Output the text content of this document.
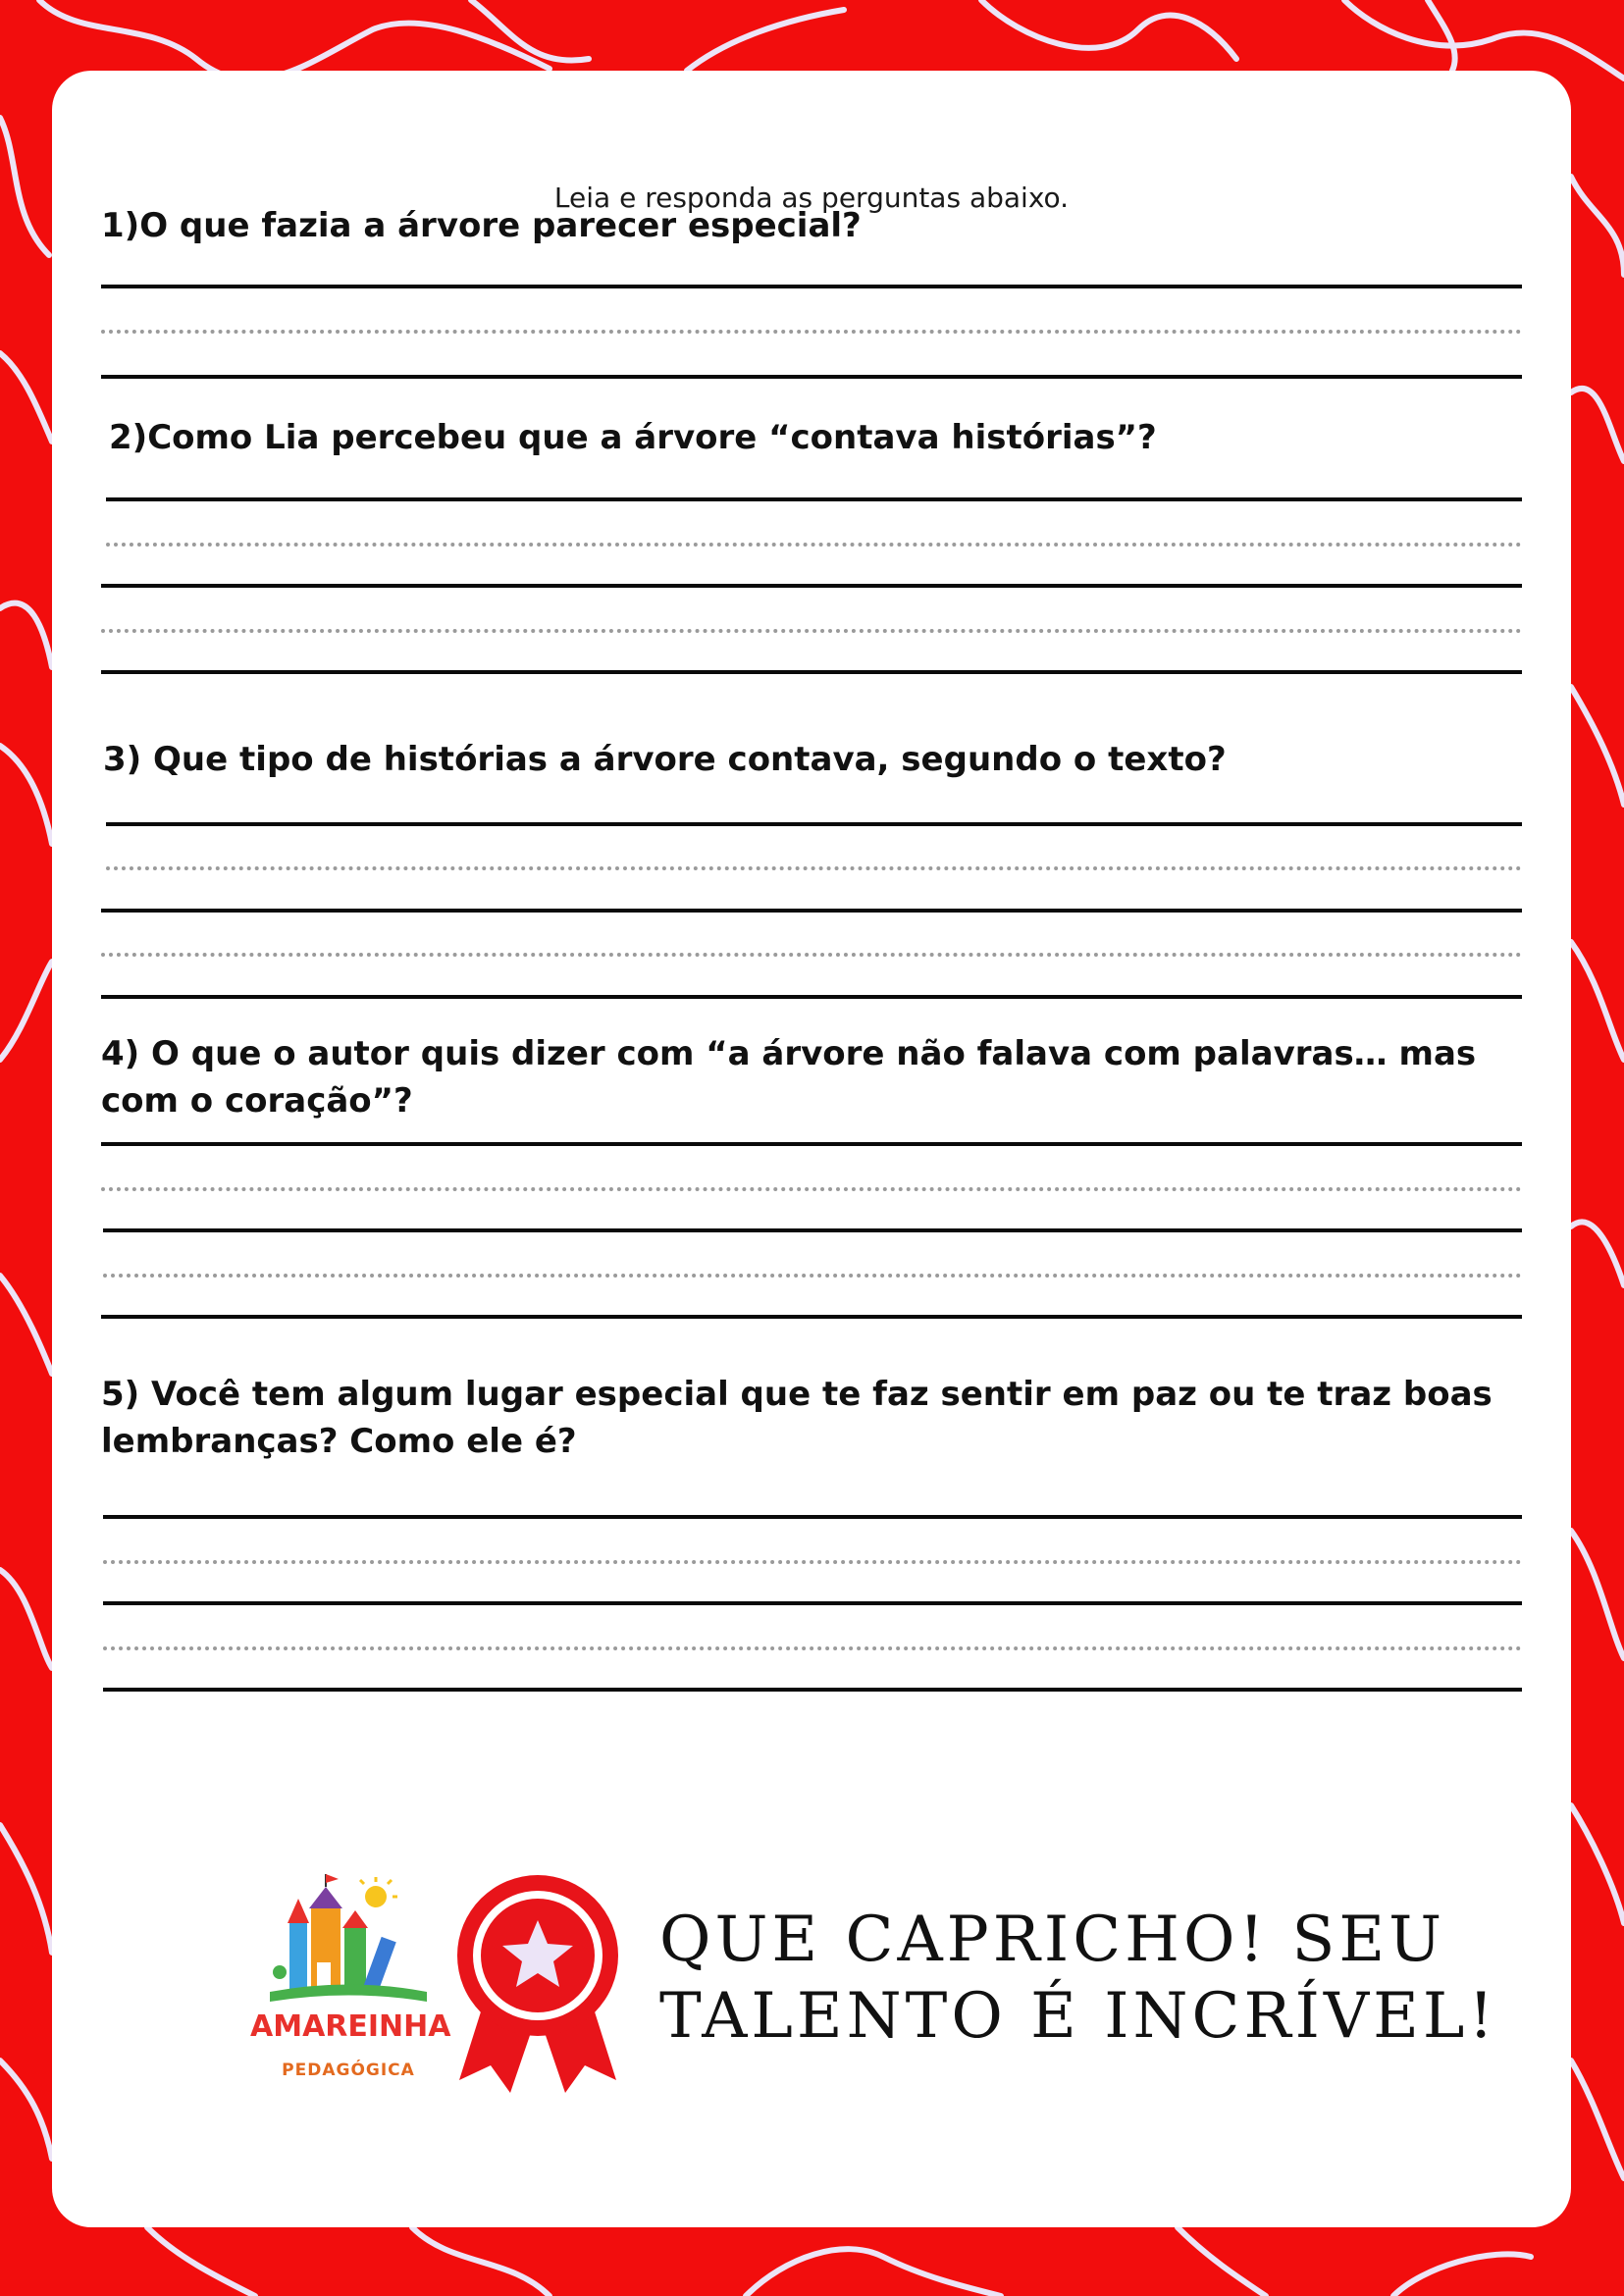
Leia e responda as perguntas abaixo.
1)O que fazia a árvore parecer especial?
2)Como Lia percebeu que a árvore “contava histórias”?
3) Que tipo de histórias a árvore contava, segundo o texto?
4) O que o autor quis dizer com “a árvore não falava com palavras… mas com o coração”?
5) Você tem algum lugar especial que te faz sentir em paz ou te traz boas lembranças? Como ele é?
AMAREINHA
PEDAGÓGICA
QUE CAPRICHO! SEU
TALENTO É INCRÍVEL!
